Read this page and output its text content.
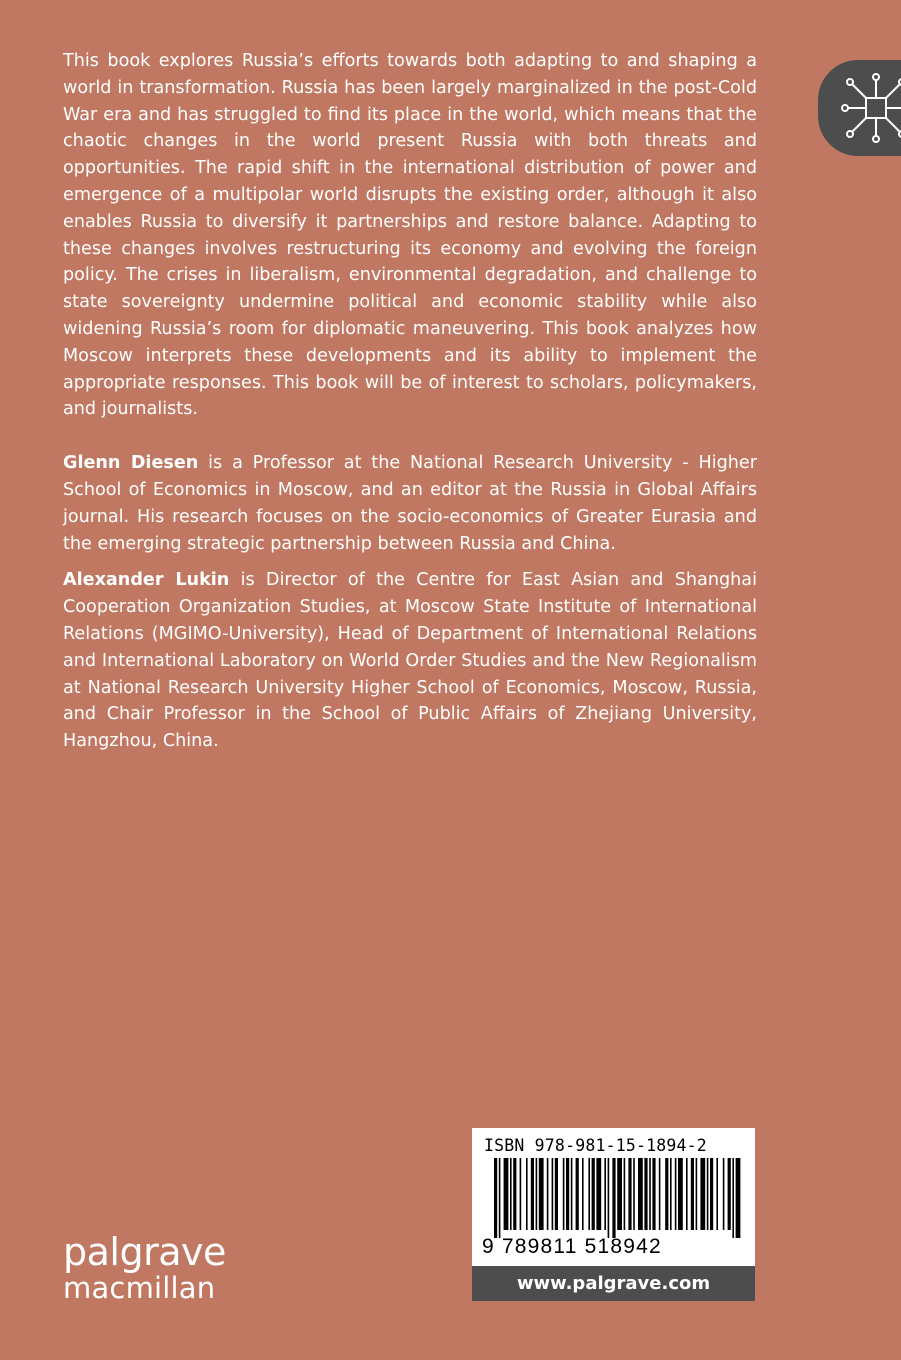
This book explores Russia’s efforts towards both adapting to and shaping a world in transformation. Russia has been largely marginalized in the post-Cold War era and has struggled to find its place in the world, which means that the chaotic changes in the world present Russia with both threats and opportunities. The rapid shift in the international distribution of power and emergence of a multipolar world disrupts the existing order, although it also enables Russia to diversify it partnerships and restore balance. Adapting to these changes involves restructuring its economy and evolving the foreign policy. The crises in liberalism, environmental degradation, and challenge to state sovereignty undermine political and economic stability while also widening Russia’s room for diplomatic maneuvering. This book analyzes how Moscow interprets these developments and its ability to implement the appropriate responses. This book will be of interest to scholars, policymakers, and journalists.

Glenn Diesen is a Professor at the National Research University - Higher School of Economics in Moscow, and an editor at the Russia in Global Affairs journal. His research focuses on the socio-economics of Greater Eurasia and the emerging strategic partnership between Russia and China.

Alexander Lukin is Director of the Centre for East Asian and Shanghai Cooperation Organization Studies, at Moscow State Institute of International Relations (MGIMO-University), Head of Department of International Relations and International Laboratory on World Order Studies and the New Regionalism at National Research University Higher School of Economics, Moscow, Russia, and Chair Professor in the School of Public Affairs of Zhejiang University, Hangzhou, China.

palgrave
macmillan
ISBN 978-981-15-1894-2
9 789811 518942
www.palgrave.com
